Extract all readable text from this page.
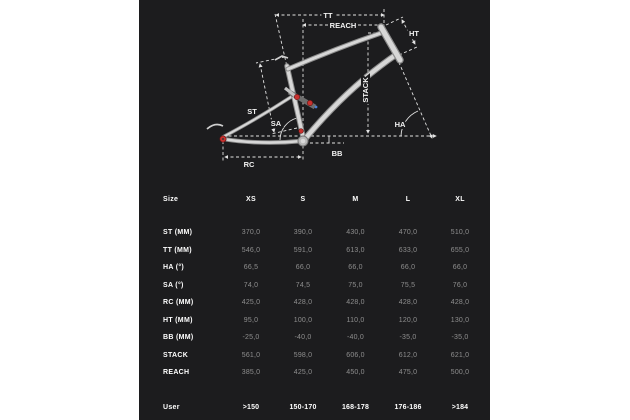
TT
REACH
HT
ST
SA
STACK
HA
RC
BB
Size	XS	S	M	L	XL
ST (MM)	370,0	390,0	430,0	470,0	510,0
TT (MM)	546,0	591,0	613,0	633,0	655,0
HA (°)	66,5	66,0	66,0	66,0	66,0
SA (°)	74,0	74,5	75,0	75,5	76,0
RC (MM)	425,0	428,0	428,0	428,0	428,0
HT (MM)	95,0	100,0	110,0	120,0	130,0
BB (MM)	-25,0	-40,0	-40,0	-35,0	-35,0
STACK	561,0	598,0	606,0	612,0	621,0
REACH	385,0	425,0	450,0	475,0	500,0
User	>150	150-170	168-178	176-186	>184
